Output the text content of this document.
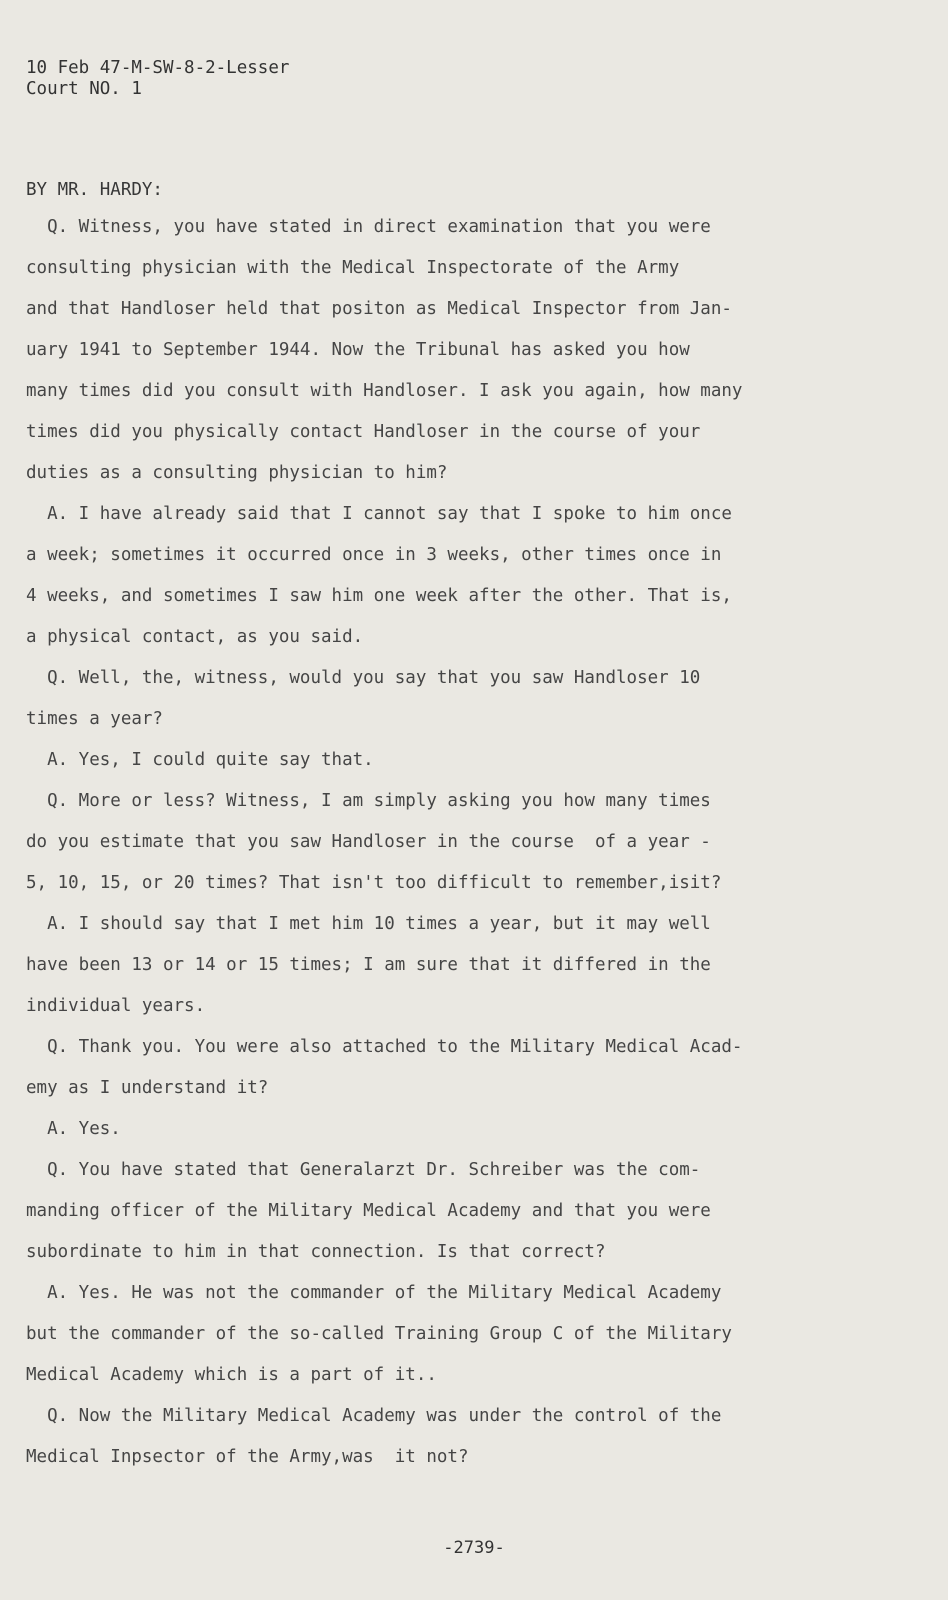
10 Feb 47-M-SW-8-2-Lesser
Court NO. 1
BY MR. HARDY:
Q. Witness, you have stated in direct examination that you were
consulting physician with the Medical Inspectorate of the Army
and that Handloser held that positon as Medical Inspector from Jan-
uary 1941 to September 1944. Now the Tribunal has asked you how
many times did you consult with Handloser. I ask you again, how many
times did you physically contact Handloser in the course of your
duties as a consulting physician to him?
A. I have already said that I cannot say that I spoke to him once
a week; sometimes it occurred once in 3 weeks, other times once in
4 weeks, and sometimes I saw him one week after the other. That is,
a physical contact, as you said.
Q. Well, the, witness, would you say that you saw Handloser 10
times a year?
A. Yes, I could quite say that.
Q. More or less? Witness, I am simply asking you how many times
do you estimate that you saw Handloser in the course  of a year -
5, 10, 15, or 20 times? That isn't too difficult to remember,isit?
A. I should say that I met him 10 times a year, but it may well
have been 13 or 14 or 15 times; I am sure that it differed in the
individual years.
Q. Thank you. You were also attached to the Military Medical Acad-
emy as I understand it?
A. Yes.
Q. You have stated that Generalarzt Dr. Schreiber was the com-
manding officer of the Military Medical Academy and that you were
subordinate to him in that connection. Is that correct?
A. Yes. He was not the commander of the Military Medical Academy
but the commander of the so-called Training Group C of the Military
Medical Academy which is a part of it..
Q. Now the Military Medical Academy was under the control of the
Medical Inpsector of the Army,was  it not?
-2739-
